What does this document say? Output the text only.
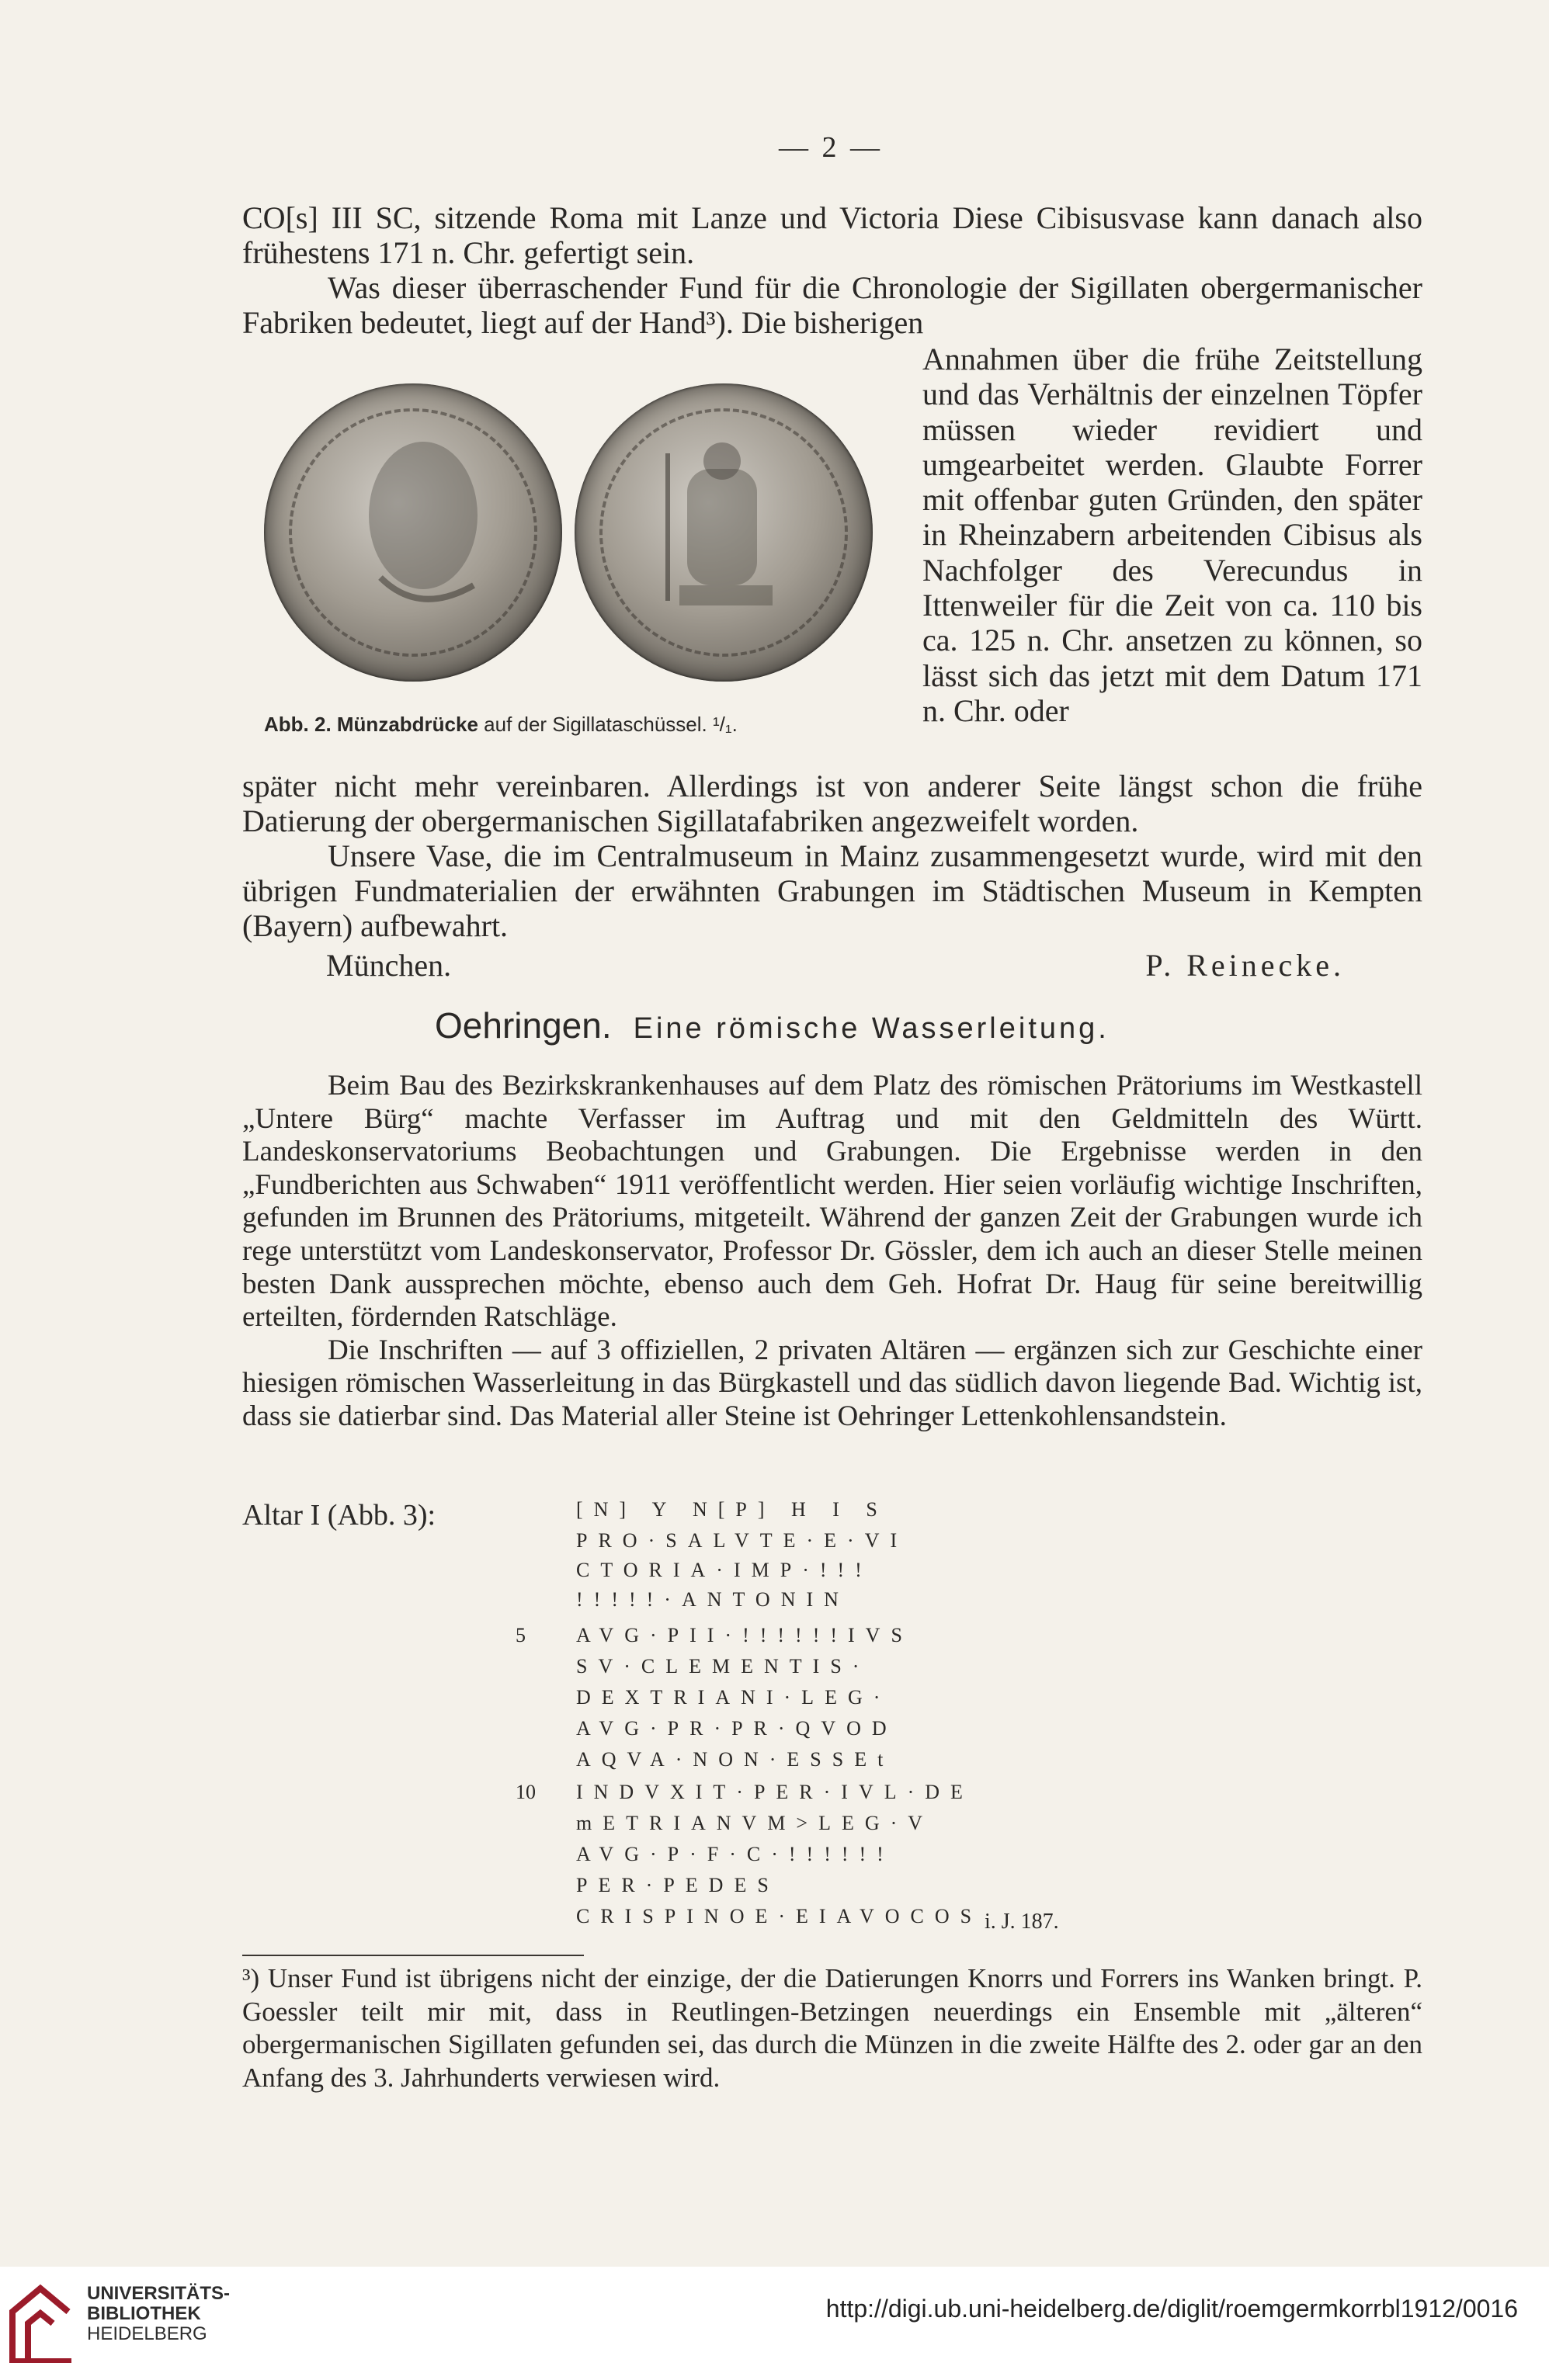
— 2 —

CO[s] III SC, sitzende Roma mit Lanze und Victoria Diese Cibisusvase kann danach also frühestens 171 n. Chr. gefertigt sein.

Was dieser überraschender Fund für die Chronologie der Sigillaten obergermanischer Fabriken bedeutet, liegt auf der Hand³). Die bisherigen

Abb. 2. Münzabdrücke auf der Sigillataschüssel. ¹/₁.
Annahmen über die frühe Zeitstellung und das Verhältnis der einzelnen Töpfer müssen wieder revidiert und umgearbeitet werden. Glaubte Forrer mit offenbar guten Gründen, den später in Rheinzabern arbeitenden Cibisus als Nachfolger des Verecundus in Ittenweiler für die Zeit von ca. 110 bis ca. 125 n. Chr. ansetzen zu können, so lässt sich das jetzt mit dem Datum 171 n. Chr. oder

später nicht mehr vereinbaren. Allerdings ist von anderer Seite längst schon die frühe Datierung der obergermanischen Sigillatafabriken angezweifelt worden.

Unsere Vase, die im Centralmuseum in Mainz zusammengesetzt wurde, wird mit den übrigen Fundmaterialien der erwähnten Grabungen im Städtischen Museum in Kempten (Bayern) aufbewahrt.

München.	P. Reinecke.
Oehringen. Eine römische Wasserleitung.

Beim Bau des Bezirkskrankenhauses auf dem Platz des römischen Prätoriums im Westkastell „Untere Bürg“ machte Verfasser im Auftrag und mit den Geldmitteln des Württ. Landeskonservatoriums Beobachtungen und Grabungen. Die Ergebnisse werden in den „Fundberichten aus Schwaben“ 1911 veröffentlicht werden. Hier seien vorläufig wichtige Inschriften, gefunden im Brunnen des Prätoriums, mitgeteilt. Während der ganzen Zeit der Grabungen wurde ich rege unterstützt vom Landeskonservator, Professor Dr. Gössler, dem ich auch an dieser Stelle meinen besten Dank aussprechen möchte, ebenso auch dem Geh. Hofrat Dr. Haug für seine bereitwillig erteilten, fördernden Ratschläge.

Die Inschriften — auf 3 offiziellen, 2 privaten Altären — ergänzen sich zur Geschichte einer hiesigen römischen Wasserleitung in das Bürgkastell und das südlich davon liegende Bad. Wichtig ist, dass sie datierbar sind. Das Material aller Steine ist Oehringer Lettenkohlensandstein.

Altar I (Abb. 3):	[N] Y N[P] H I S
PRO·SALVTE·E·VI
CTORIA·IMP·!!!
!!!!!·ANTONIN
AVG·PII·!!!!!!IVS
SV·CLEMENTIS·
DEXTRIANI·LEG·
AVG·PR·PR·QVOD
AQVA·NON·ESSEt
INDVXIT·PER·IVL·DE
mETRIANVM>LEG·V
AVG·P·F·C·!!!!!!
PER·PEDES
CRISPINOE·ЕIAVOCOS
5
10
i. J. 187.
³) Unser Fund ist übrigens nicht der einzige, der die Datierungen Knorrs und Forrers ins Wanken bringt. P. Goessler teilt mir mit, dass in Reutlingen-Betzingen neuerdings ein Ensemble mit „älteren“ obergermanischen Sigillaten gefunden sei, das durch die Münzen in die zweite Hälfte des 2. oder gar an den Anfang des 3. Jahrhunderts verwiesen wird.
UNIVERSITÄTS-
BIBLIOTHEK
HEIDELBERG
http://digi.ub.uni-heidelberg.de/diglit/roemgermkorrbl1912/0016
